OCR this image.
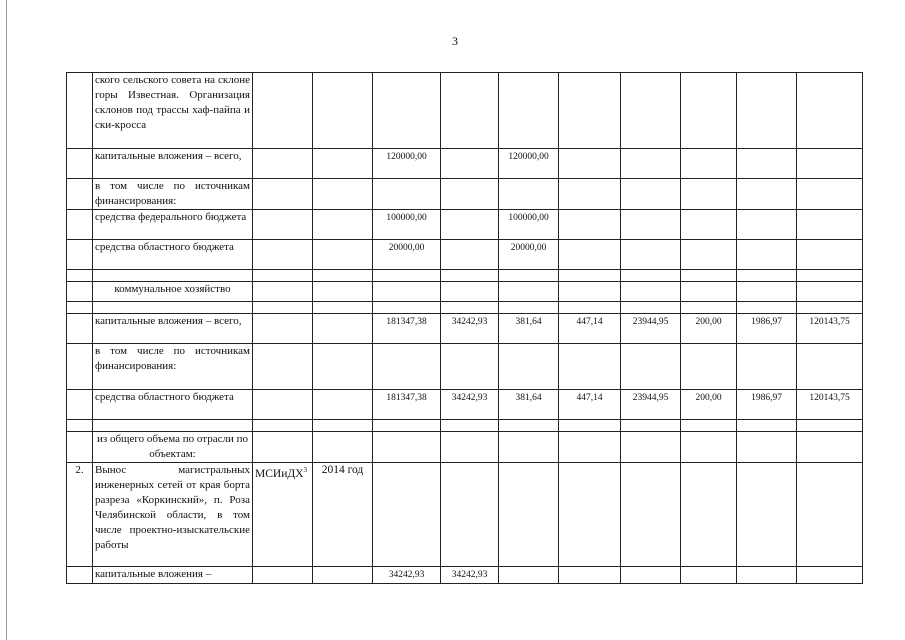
3
	ского сельского совета на склоне горы Известная. Организация склонов под трассы хаф-пайпа и ски-кросса										
	капитальные вложения – всего,			120000,00		120000,00					
	в том числе по источникам финансирования:										
	средства федерального бюджета			100000,00		100000,00					
	средства областного бюджета			20000,00		20000,00					

	коммунальное хозяйство										

	капитальные вложения – всего,			181347,38	34242,93	381,64	447,14	23944,95	200,00	1986,97	120143,75
	в том числе по источникам финансирования:										
	средства областного бюджета			181347,38	34242,93	381,64	447,14	23944,95	200,00	1986,97	120143,75

	из общего объема по отрасли по объектам:										
2.	Вынос магистральных инженерных сетей от края борта разреза «Коркинский», п. Роза Челябинской области, в том числе проектно-изыскательские работы	МСИиДХ$^3$	2014 год								
	капитальные вложения –			34242,93	34242,93						
